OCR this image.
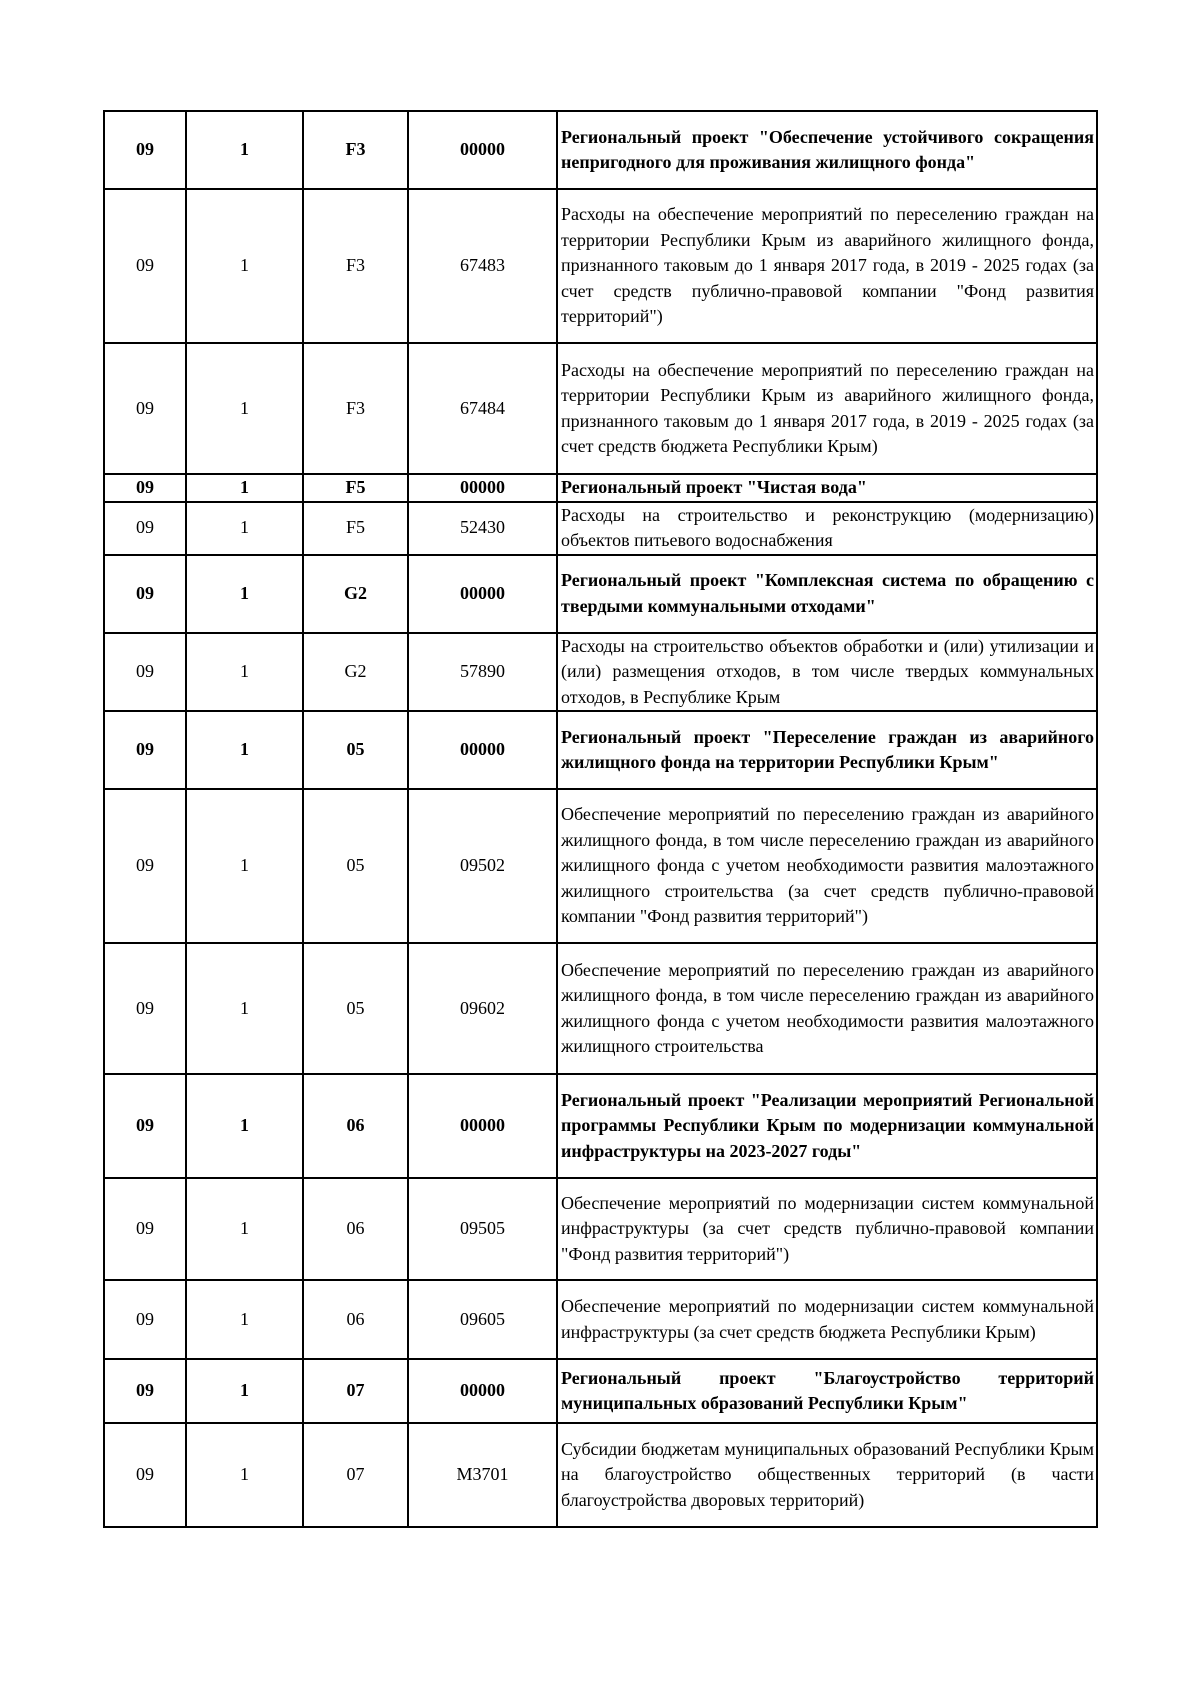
09	1	F3	00000	Региональный проект "Обеспечение устойчивого сокращения непригодного для проживания жилищного фонда"
09	1	F3	67483	Расходы на обеспечение мероприятий по переселению граждан на территории Республики Крым из аварийного жилищного фонда, признанного таковым до 1 января 2017 года, в 2019 - 2025 годах (за счет средств публично-правовой компании "Фонд развития территорий")
09	1	F3	67484	Расходы на обеспечение мероприятий по переселению граждан на территории Республики Крым из аварийного жилищного фонда, признанного таковым до 1 января 2017 года, в 2019 - 2025 годах (за счет средств бюджета Республики Крым)
09	1	F5	00000	Региональный проект "Чистая вода"
09	1	F5	52430	Расходы на строительство и реконструкцию (модернизацию) объектов питьевого водоснабжения
09	1	G2	00000	Региональный проект "Комплексная система по обращению с твердыми коммунальными отходами"
09	1	G2	57890	Расходы на строительство объектов обработки и (или) утилизации и (или) размещения отходов, в том числе твердых коммунальных отходов, в Республике Крым
09	1	05	00000	Региональный проект "Переселение граждан из аварийного жилищного фонда на территории Республики Крым"
09	1	05	09502	Обеспечение мероприятий по переселению граждан из аварийного жилищного фонда, в том числе переселению граждан из аварийного жилищного фонда с учетом необходимости развития малоэтажного жилищного строительства (за счет средств публично-правовой компании "Фонд развития территорий")
09	1	05	09602	Обеспечение мероприятий по переселению граждан из аварийного жилищного фонда, в том числе переселению граждан из аварийного жилищного фонда с учетом необходимости развития малоэтажного жилищного строительства
09	1	06	00000	Региональный проект "Реализации мероприятий Региональной программы Республики Крым по модернизации коммунальной инфраструктуры на 2023-2027 годы"
09	1	06	09505	Обеспечение мероприятий по модернизации систем коммунальной инфраструктуры (за счет средств публично-правовой компании "Фонд развития территорий")
09	1	06	09605	Обеспечение мероприятий по модернизации систем коммунальной инфраструктуры (за счет средств бюджета Республики Крым)
09	1	07	00000	Региональный проект "Благоустройство территорий муниципальных образований Республики Крым"
09	1	07	M3701	Субсидии бюджетам муниципальных образований Республики Крым на благоустройство общественных территорий (в части благоустройства дворовых территорий)
